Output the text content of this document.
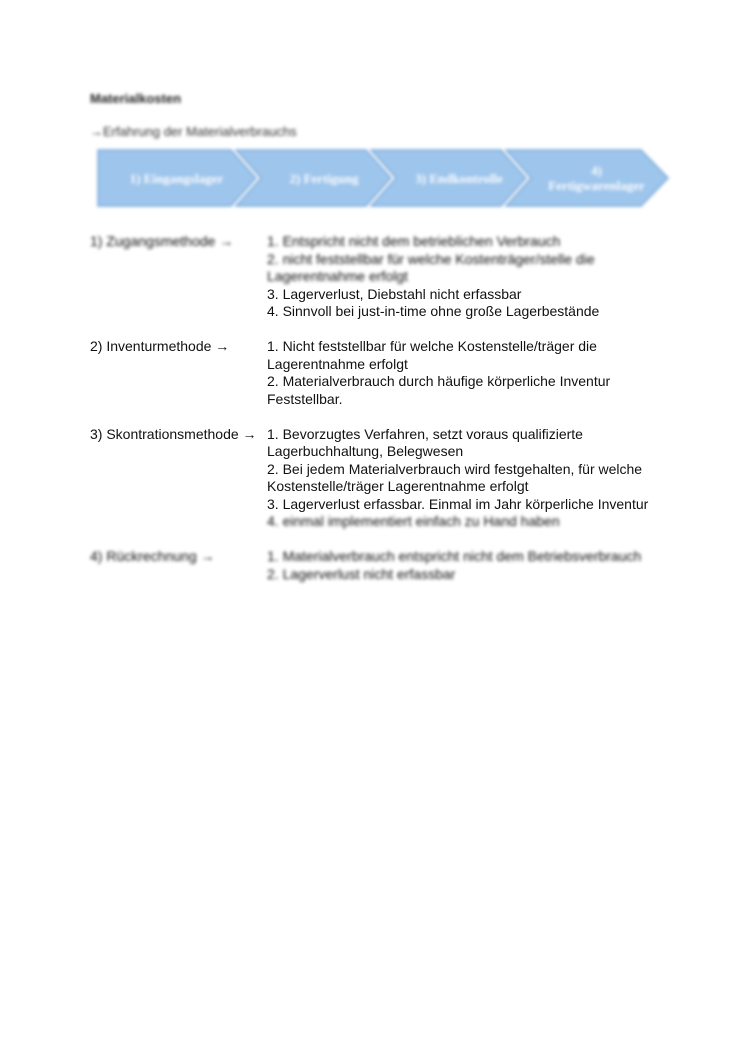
Materialkosten
→Erfahrung der Materialverbrauchs
1) Eingangslager	2) Fertigung	3) Endkontrolle	4) Fertigwarenlager
1) Zugangsmethode →	1. Entspricht nicht dem betrieblichen Verbrauch
2. nicht feststellbar für welche Kostenträger/stelle die Lagerentnahme erfolgt
3. Lagerverlust, Diebstahl nicht erfassbar
4. Sinnvoll bei just-in-time ohne große Lagerbestände
2) Inventurmethode →	1. Nicht feststellbar für welche Kostenstelle/träger die Lagerentnahme erfolgt
2. Materialverbrauch durch häufige körperliche Inventur Feststellbar.
3) Skontrationsmethode → 1. Bevorzugtes Verfahren, setzt voraus qualifizierte Lagerbuchhaltung, Belegwesen
2. Bei jedem Materialverbrauch wird festgehalten, für welche Kostenstelle/träger Lagerentnahme erfolgt
3. Lagerverlust erfassbar. Einmal im Jahr körperliche Inventur
4. einmal implementiert einfach zu Hand haben
4) Rückrechnung →	1. Materialverbrauch entspricht nicht dem Betriebsverbrauch
2. Lagerverlust nicht erfassbar
